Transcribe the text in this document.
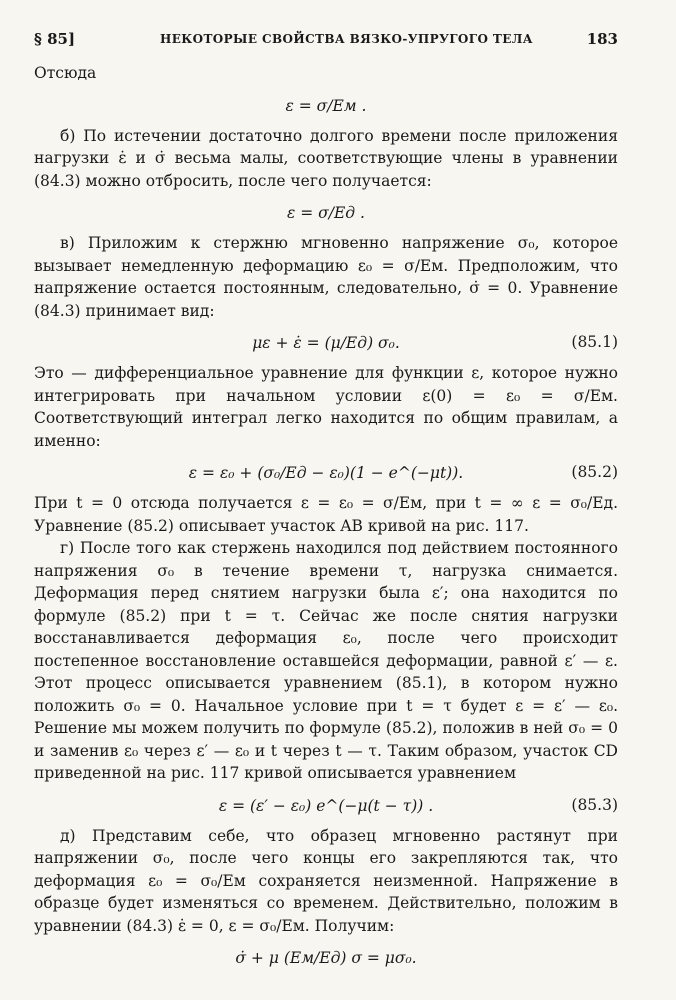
§ 85]	НЕКОТОРЫЕ СВОЙСТВА ВЯЗКО-УПРУГОГО ТЕЛА	183

Отсюда

ε = σ/Eм .

б) По истечении достаточно долгого времени после приложения нагрузки ε̇ и σ̇ весьма малы, соответствующие члены в уравнении (84.3) можно отбросить, после чего получается:

ε = σ/Eд .

в) Приложим к стержню мгновенно напряжение σ₀, которое вызывает немедленную деформацию ε₀ = σ/Eм. Предположим, что напряжение остается постоянным, следовательно, σ̇ = 0. Уравнение (84.3) принимает вид:

με + ε̇ = (μ/Eд) σ₀.	(85.1)

Это — дифференциальное уравнение для функции ε, которое нужно интегрировать при начальном условии ε(0) = ε₀ = σ/Eм. Соответствующий интеграл легко находится по общим правилам, а именно:

ε = ε₀ + (σ₀/Eд − ε₀)(1 − e^(−μt)).	(85.2)

При t = 0 отсюда получается ε = ε₀ = σ/Eм, при t = ∞ ε = σ₀/Eд. Уравнение (85.2) описывает участок AB кривой на рис. 117.

г) После того как стержень находился под действием постоянного напряжения σ₀ в течение времени τ, нагрузка снимается. Деформация перед снятием нагрузки была ε′; она находится по формуле (85.2) при t = τ. Сейчас же после снятия нагрузки восстанавливается деформация ε₀, после чего происходит постепенное восстановление оставшейся деформации, равной ε′ — ε. Этот процесс описывается уравнением (85.1), в котором нужно положить σ₀ = 0. Начальное условие при t = τ будет ε = ε′ — ε₀. Решение мы можем получить по формуле (85.2), положив в ней σ₀ = 0 и заменив ε₀ через ε′ — ε₀ и t через t — τ. Таким образом, участок CD приведенной на рис. 117 кривой описывается уравнением

ε = (ε′ − ε₀) e^(−μ(t − τ)) .	(85.3)

д) Представим себе, что образец мгновенно растянут при напряжении σ₀, после чего концы его закрепляются так, что деформация ε₀ = σ₀/Eм сохраняется неизменной. Напряжение в образце будет изменяться со временем. Действительно, положим в уравнении (84.3) ε̇ = 0, ε = σ₀/Eм. Получим:

σ̇ + μ (Eм/Eд) σ = μσ₀.
